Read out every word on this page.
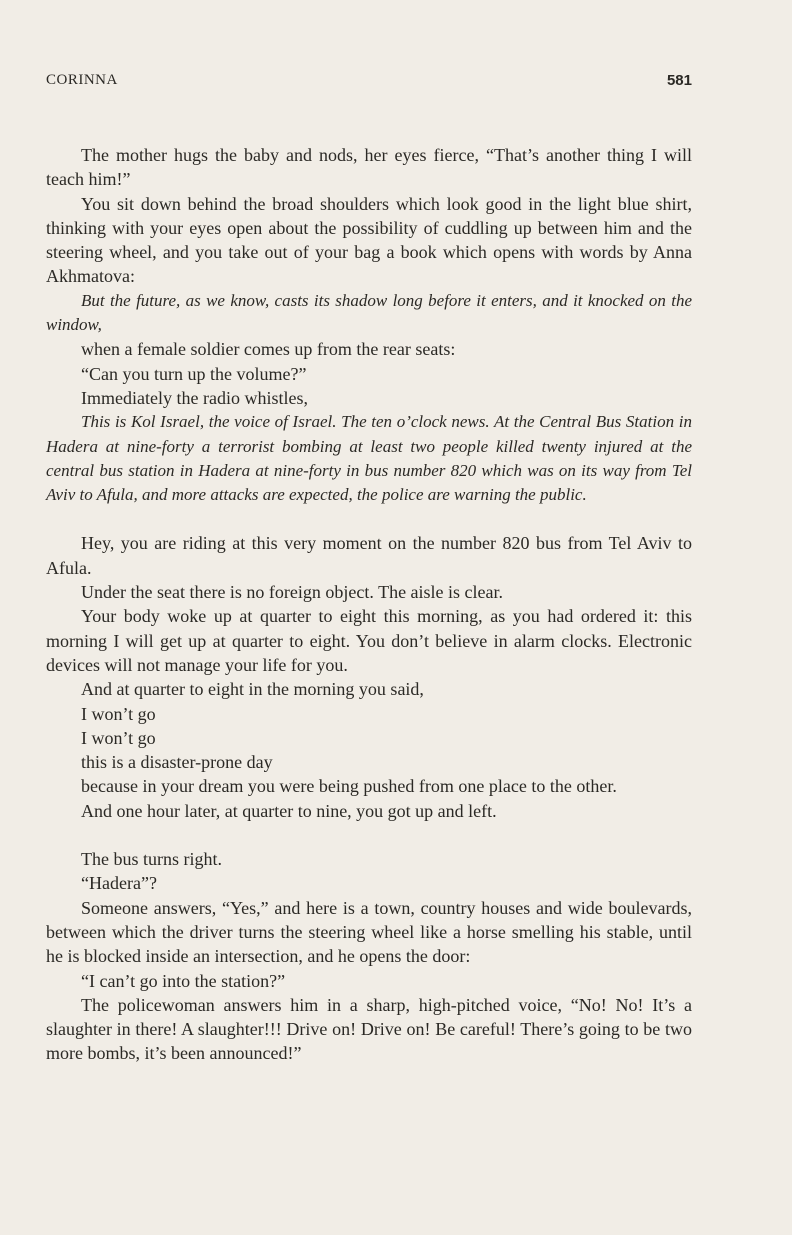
CORINNA	581

The mother hugs the baby and nods, her eyes fierce, “That’s another thing I will teach him!”

You sit down behind the broad shoulders which look good in the light blue shirt, thinking with your eyes open about the possibility of cuddling up between him and the steering wheel, and you take out of your bag a book which opens with words by Anna Akhmatova:

But the future, as we know, casts its shadow long before it enters, and it knocked on the window,

when a female soldier comes up from the rear seats:

“Can you turn up the volume?”

Immediately the radio whistles,

This is Kol Israel, the voice of Israel. The ten o’clock news. At the Central Bus Station in Hadera at nine-forty a terrorist bombing at least two people killed twenty injured at the central bus station in Hadera at nine-forty in bus number 820 which was on its way from Tel Aviv to Afula, and more attacks are expected, the police are warning the public.

Hey, you are riding at this very moment on the number 820 bus from Tel Aviv to Afula.

Under the seat there is no foreign object. The aisle is clear.

Your body woke up at quarter to eight this morning, as you had ordered it: this morning I will get up at quarter to eight. You don’t believe in alarm clocks. Electronic devices will not manage your life for you.

And at quarter to eight in the morning you said,

I won’t go

I won’t go

this is a disaster-prone day

because in your dream you were being pushed from one place to the other.

And one hour later, at quarter to nine, you got up and left.

The bus turns right.

“Hadera”?

Someone answers, “Yes,” and here is a town, country houses and wide boulevards, between which the driver turns the steering wheel like a horse smelling his stable, until he is blocked inside an intersection, and he opens the door:

“I can’t go into the station?”

The policewoman answers him in a sharp, high-pitched voice, “No! No! It’s a slaughter in there! A slaughter!!! Drive on! Drive on! Be careful! There’s going to be two more bombs, it’s been announced!”
